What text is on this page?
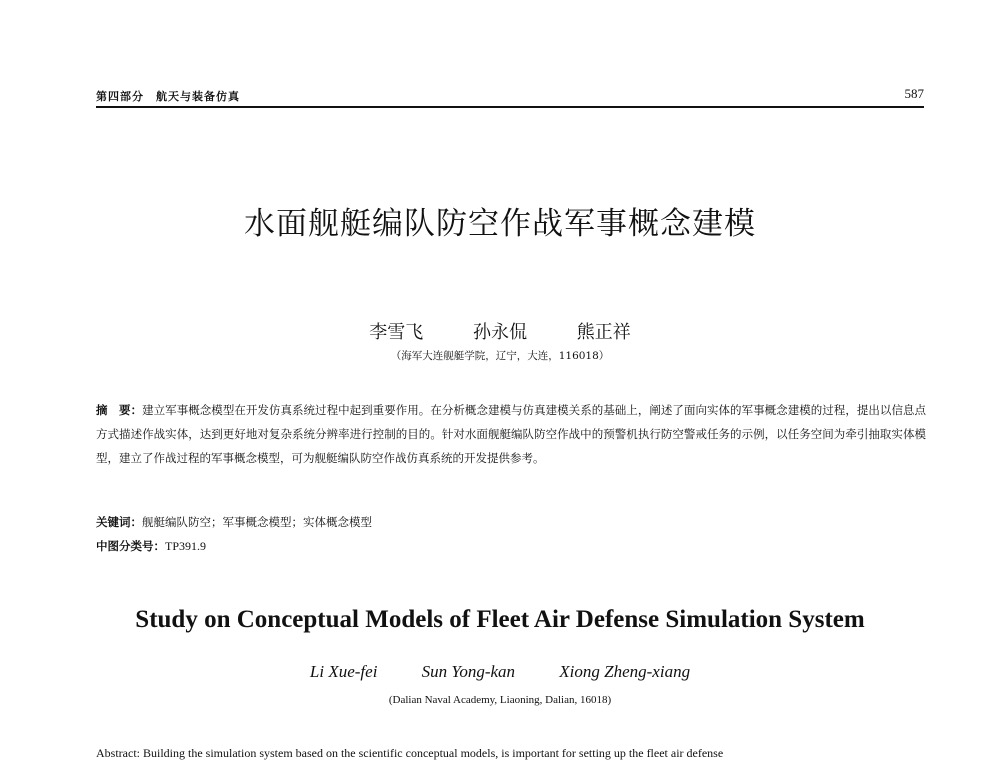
第四部分　航天与装备仿真	587
水面舰艇编队防空作战军事概念建模
李雪飞	孙永侃	熊正祥
（海军大连舰艇学院，辽宁，大连，116018）
摘　要：建立军事概念模型在开发仿真系统过程中起到重要作用。在分析概念建模与仿真建模关系的基础上，阐述了面向实体的军事概念建模的过程，提出以信息点方式描述作战实体，达到更好地对复杂系统分辨率进行控制的目的。针对水面舰艇编队防空作战中的预警机执行防空警戒任务的示例，以任务空间为牵引抽取实体模型，建立了作战过程的军事概念模型，可为舰艇编队防空作战仿真系统的开发提供参考。
关键词：舰艇编队防空；军事概念模型；实体概念模型
中图分类号：TP391.9
Study on Conceptual Models of Fleet Air Defense Simulation System
Li Xue-fei	Sun Yong-kan	Xiong Zheng-xiang
(Dalian Naval Academy, Liaoning, Dalian, 16018)
Abstract: Building the simulation system based on the scientific conceptual models, is important for setting up the fleet air defense
